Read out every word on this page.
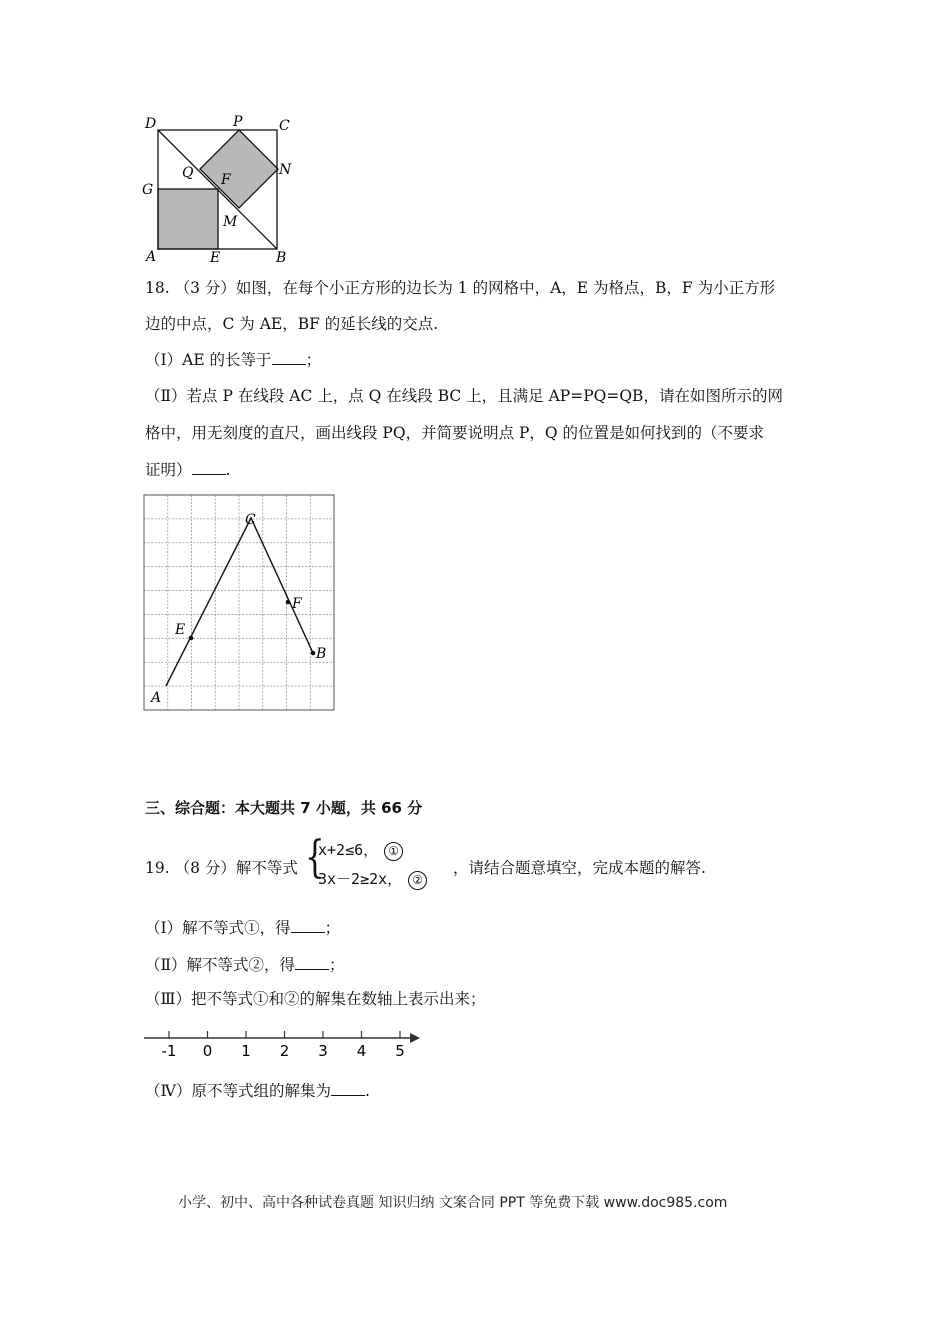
D	P	C
G
Q F
N
M
A	E	B
18. （3 分）如图，在每个小正方形的边长为 1 的网格中，A，E 为格点，B，F 为小正方形
边的中点，C 为 AE，BF 的延长线的交点.
（Ⅰ）AE 的长等于 ；
（Ⅱ）若点 P 在线段 AC 上，点 Q 在线段 BC 上，且满足 AP=PQ=QB，请在如图所示的网
格中，用无刻度的直尺，画出线段 PQ，并简要说明点 P，Q 的位置是如何找到的（不要求
证明） .
C
E
F
B
A
三、综合题：本大题共 7 小题，共 66 分
19. （8 分）解不等式 {
x+2≤6， ①
3x－2≥2x， ②
，请结合题意填空，完成本题的解答.
（Ⅰ）解不等式①，得 ；
（Ⅱ）解不等式②，得 ；
（Ⅲ）把不等式①和②的解集在数轴上表示出来；
-1 0 1 2 3 4 5
（Ⅳ）原不等式组的解集为 .
小学、初中、高中各种试卷真题 知识归纳 文案合同 PPT 等免费下载 www.doc985.com
